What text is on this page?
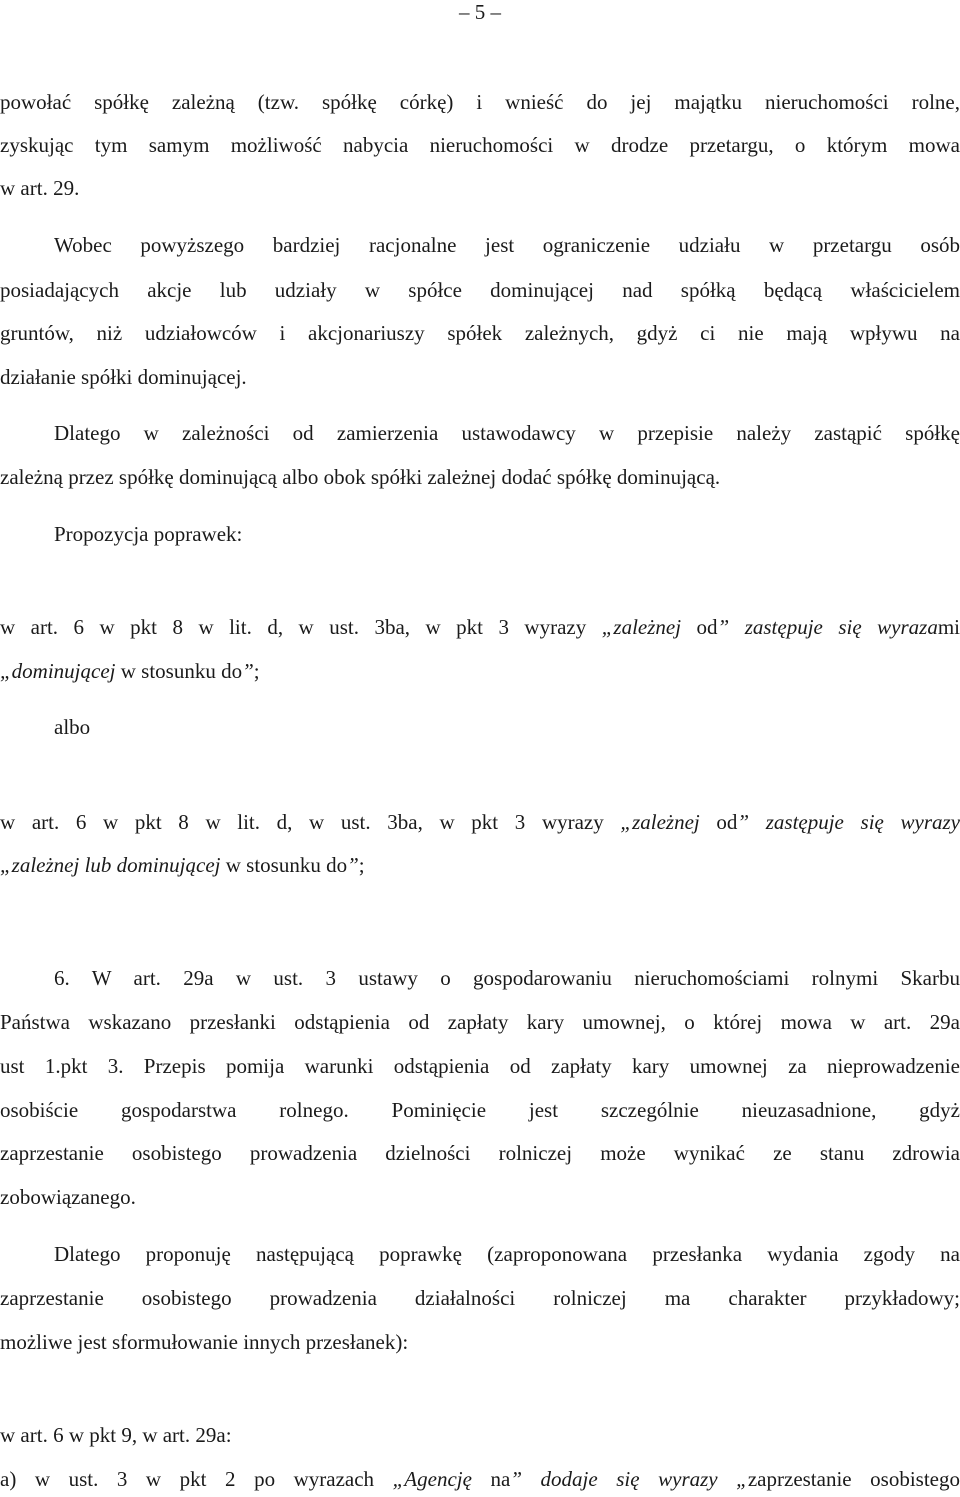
– 5 –
powołać spółkę zależną (tzw. spółkę córkę) i wnieść do jej majątku nieruchomości rolne,
zyskując tym samym możliwość nabycia nieruchomości w drodze przetargu, o którym mowa
w art. 29.
Wobec powyższego bardziej racjonalne jest ograniczenie udziału w przetargu osób
posiadających akcje lub udziały w spółce dominującej nad spółką będącą właścicielem
gruntów, niż udziałowców i akcjonariuszy spółek zależnych, gdyż ci nie mają wpływu na
działanie spółki dominującej.
Dlatego w zależności od zamierzenia ustawodawcy w przepisie należy zastąpić spółkę
zależną przez spółkę dominującą albo obok spółki zależnej dodać spółkę dominującą.
Propozycja poprawek:
w art. 6 w pkt 8 w lit. d, w ust. 3ba, w pkt 3 wyrazy „zależnej od” zastępuje się wyrazami
„dominującej w stosunku do”;
albo
w art. 6 w pkt 8 w lit. d, w ust. 3ba, w pkt 3 wyrazy „zależnej od” zastępuje się wyrazy
„zależnej lub dominującej w stosunku do”;
6. W art. 29a w ust. 3 ustawy o gospodarowaniu nieruchomościami rolnymi Skarbu
Państwa wskazano przesłanki odstąpienia od zapłaty kary umownej, o której mowa w art. 29a
ust 1.pkt 3. Przepis pomija warunki odstąpienia od zapłaty kary umownej za nieprowadzenie
osobiście gospodarstwa rolnego. Pominięcie jest szczególnie nieuzasadnione, gdyż
zaprzestanie osobistego prowadzenia dzielności rolniczej może wynikać ze stanu zdrowia
zobowiązanego.
Dlatego proponuję następującą poprawkę (zaproponowana przesłanka wydania zgody na
zaprzestanie osobistego prowadzenia działalności rolniczej ma charakter przykładowy;
możliwe jest sformułowanie innych przesłanek):
w art. 6 w pkt 9, w art. 29a:
a) w ust. 3 w pkt 2 po wyrazach „Agencję na” dodaje się wyrazy „zaprzestanie osobistego
